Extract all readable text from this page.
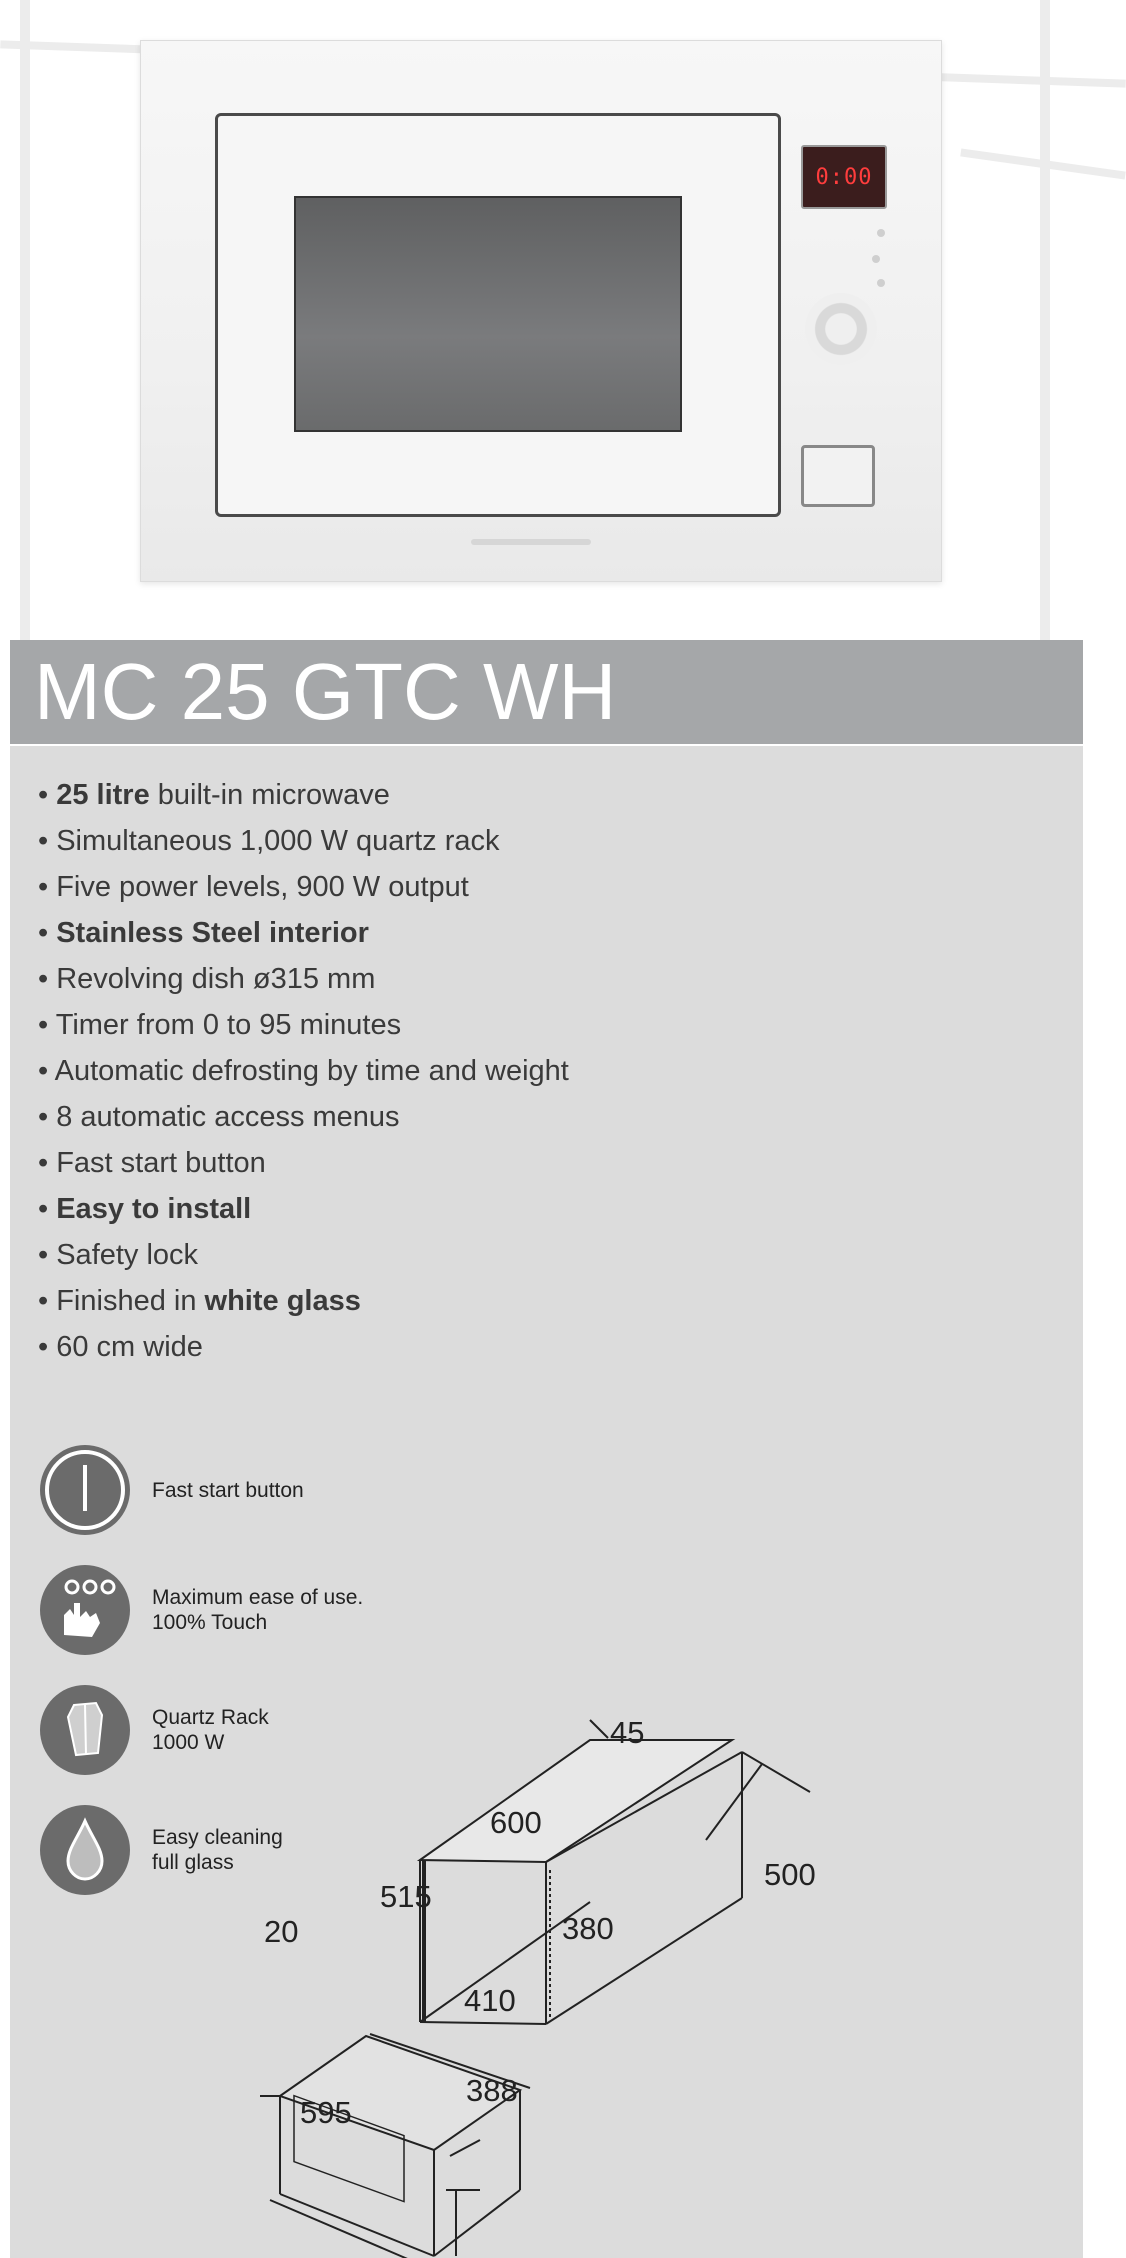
0:00
MC 25 GTC WH
• 25 litre built-in microwave
• Simultaneous 1,000 W quartz rack
• Five power levels, 900 W output
• Stainless Steel interior
• Revolving dish ø315 mm
• Timer from 0 to 95 minutes
• Automatic defrosting by time and weight
• 8 automatic access menus
• Fast start button
• Easy to install
• Safety lock
• Finished in white glass
• 60 cm wide
Fast start button
Maximum ease of use.
100% Touch
Quartz Rack
1000 W
Easy cleaning
full glass
45
600
500
380
515
20
410
388
595
